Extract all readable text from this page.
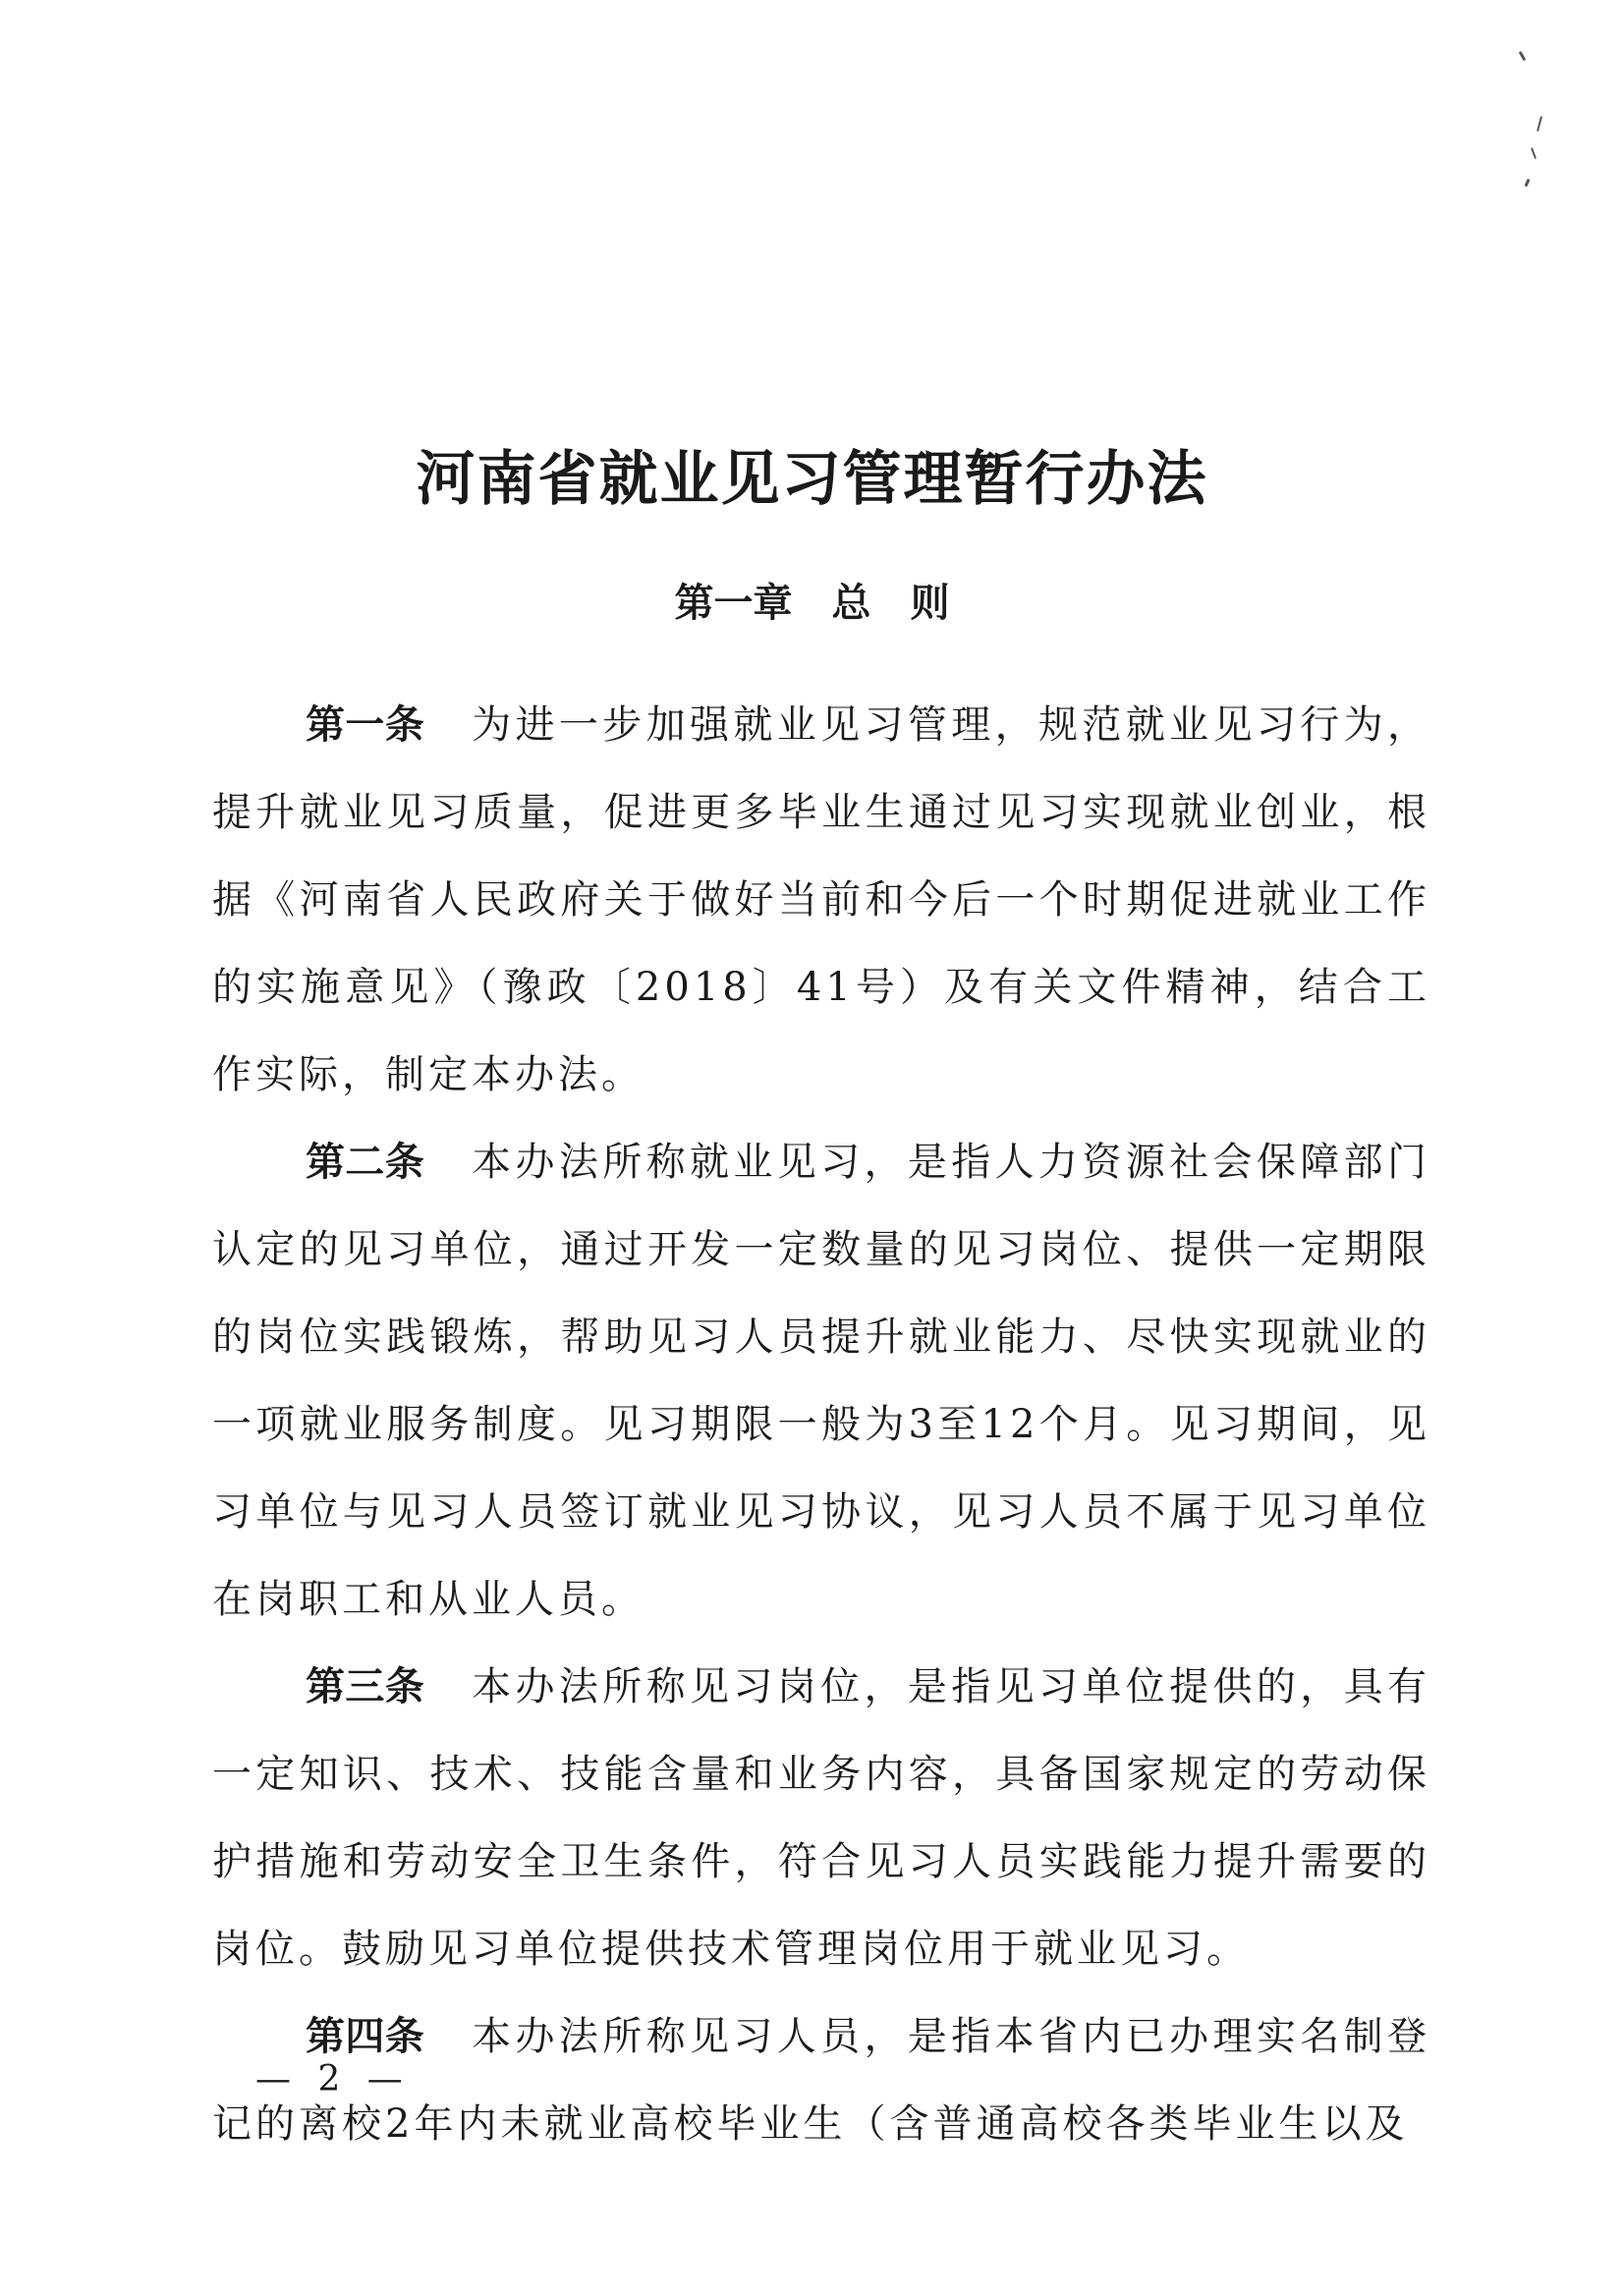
河南省就业见习管理暂行办法
第一章　总　则

第一条 为进一步加强就业见习管理，规范就业见习行为，提升就业见习质量，促进更多毕业生通过见习实现就业创业，根据《河南省人民政府关于做好当前和今后一个时期促进就业工作的实施意见》（豫政〔2018〕41号）及有关文件精神，结合工作实际，制定本办法。

第二条 本办法所称就业见习，是指人力资源社会保障部门认定的见习单位，通过开发一定数量的见习岗位、提供一定期限的岗位实践锻炼，帮助见习人员提升就业能力、尽快实现就业的一项就业服务制度。见习期限一般为3至12个月。见习期间，见习单位与见习人员签订就业见习协议，见习人员不属于见习单位在岗职工和从业人员。

第三条 本办法所称见习岗位，是指见习单位提供的，具有一定知识、技术、技能含量和业务内容，具备国家规定的劳动保护措施和劳动安全卫生条件，符合见习人员实践能力提升需要的岗位。鼓励见习单位提供技术管理岗位用于就业见习。

第四条 本办法所称见习人员，是指本省内已办理实名制登记的离校2年内未就业高校毕业生（含普通高校各类毕业生以及

— 2 —
